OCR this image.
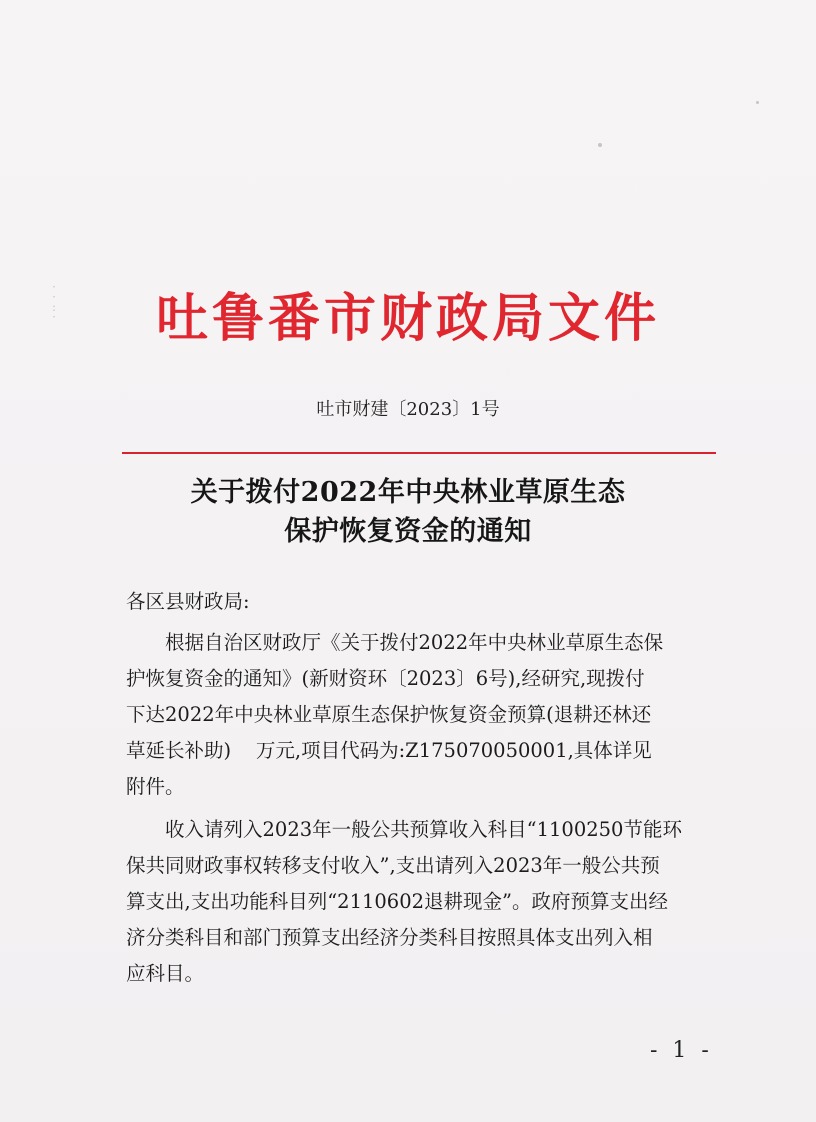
·
·
:
·	吐鲁番市财政局文件
吐市财建〔2023〕1号
关于拨付2022年中央林业草原生态
保护恢复资金的通知
各区县财政局:

根据自治区财政厅《关于拨付2022年中央林业草原生态保

护恢复资金的通知》(新财资环〔2023〕6号),经研究,现拨付

下达2022年中央林业草原生态保护恢复资金预算(退耕还林还

草延长补助)    万元,项目代码为:Z175070050001,具体详见

附件。

收入请列入2023年一般公共预算收入科目“1100250节能环

保共同财政事权转移支付收入”,支出请列入2023年一般公共预

算支出,支出功能科目列“2110602退耕现金”。政府预算支出经

济分类科目和部门预算支出经济分类科目按照具体支出列入相

应科目。

- 1 -
